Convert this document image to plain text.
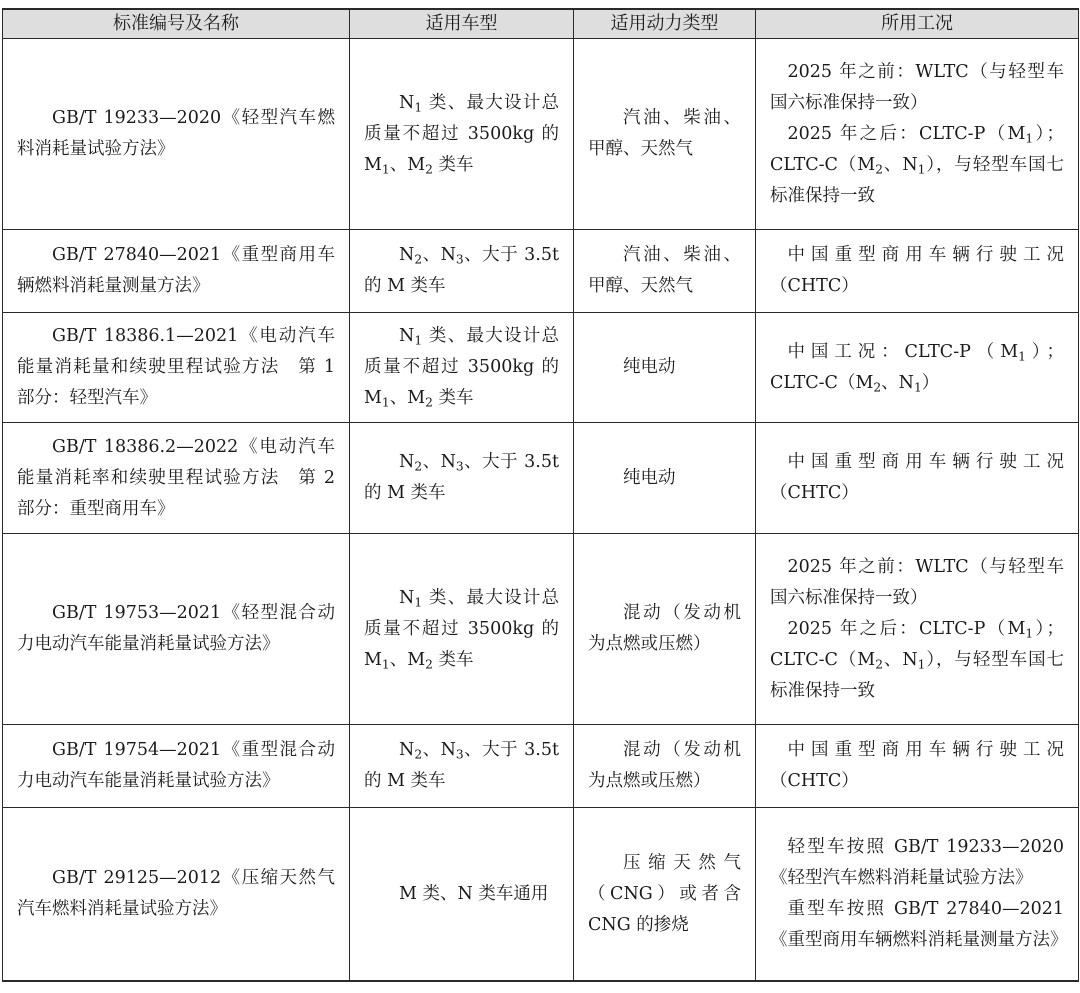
标准编号及名称	适用车型	适用动力类型	所用工况

GB/T 19233—2020《轻型汽车燃料消耗量试验方法》	$N_1$ 类、最大设计总质量不超过 3500kg 的 $M_1$、$M_2$ 类车	汽油、柴油、甲醇、天然气	2025 年之前：WLTC（与轻型车国六标准保持一致）

2025 年之后：CLTC-$P(M_1)$；CLTC-$C(M_2$、$N_1$），与轻型车国七标准保持一致

GB/T 27840—2021《重型商用车辆燃料消耗量测量方法》	$N_2$、$N_3$、大于 3.5t 的 M 类车	汽油、柴油、甲醇、天然气	中国重型商用车辆行驶工况（CHTC）

GB/T 18386.1—2021《电动汽车能量消耗量和续驶里程试验方法　第 1 部分：轻型汽车》	$N_1$ 类、最大设计总质量不超过 3500kg 的 $M_1$、$M_2$ 类车	纯电动	中国工况：CLTC-$P(M_1)$；CLTC-$C(M_2$、$N_1$）

GB/T 18386.2—2022《电动汽车　能量消耗率和续驶里程试验方法　第 2 部分：重型商用车》	$N_2$、$N_3$、大于 3.5t 的 M 类车	纯电动	中国重型商用车辆行驶工况（CHTC）

GB/T 19753—2021《轻型混合动力电动汽车能量消耗量试验方法》	$N_1$ 类、最大设计总质量不超过 3500kg 的 $M_1$、$M_2$ 类车	混动（发动机为点燃或压燃）	2025 年之前：WLTC（与轻型车国六标准保持一致）

2025 年之后：CLTC-$P(M_1)$；CLTC-$C(M_2$、$N_1$），与轻型车国七标准保持一致

GB/T 19754—2021《重型混合动力电动汽车能量消耗量试验方法》	$N_2$、$N_3$、大于 3.5t 的 M 类车	混动（发动机为点燃或压燃）	中国重型商用车辆行驶工况（CHTC）

GB/T 29125—2012《压缩天然气汽车燃料消耗量试验方法》	M 类、N 类车通用	压缩天然气（CNG）或者含 CNG 的掺烧	轻型车按照 GB/T 19233—2020《轻型汽车燃料消耗量试验方法》

重型车按照 GB/T 27840—2021《重型商用车辆燃料消耗量测量方法》
